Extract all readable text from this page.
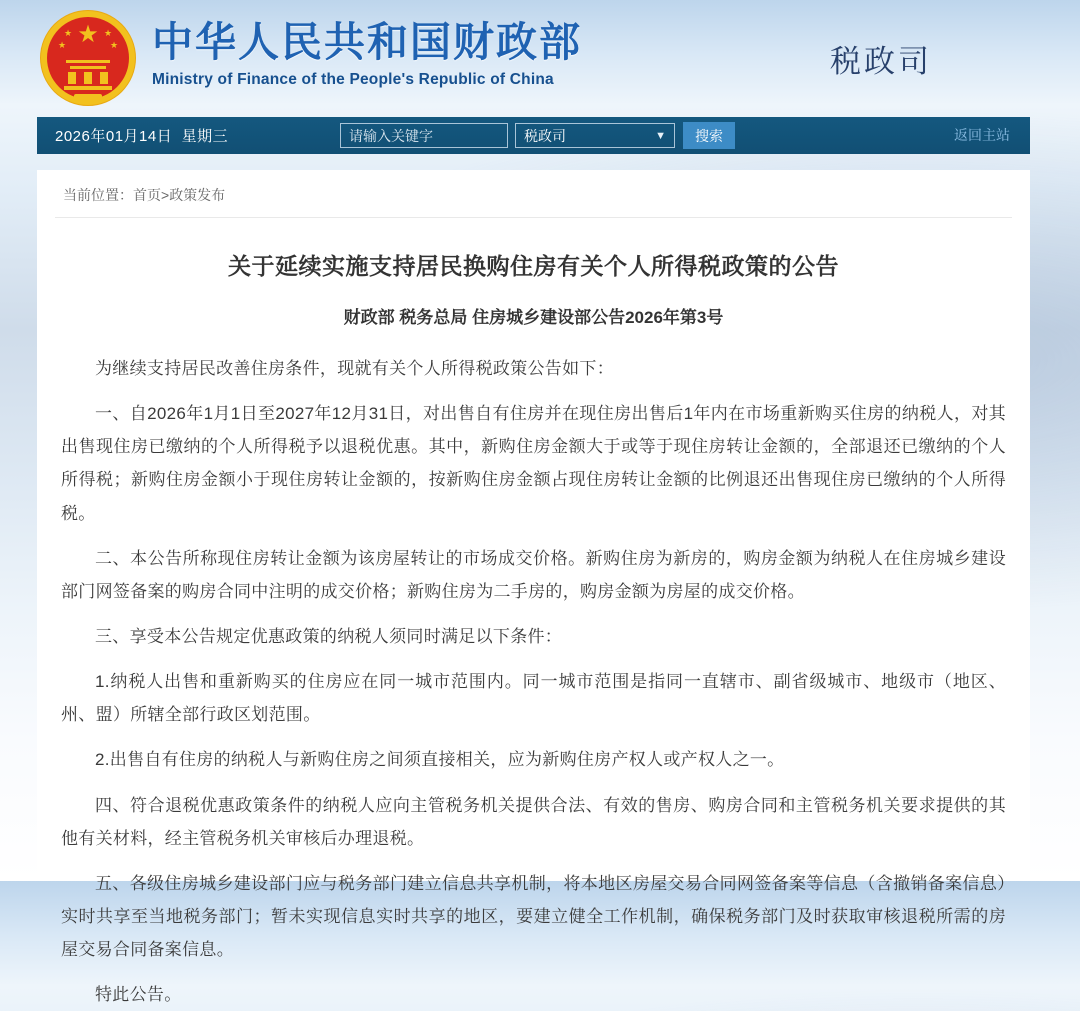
★
★	★
★	★ 中华人民共和国财政部
Ministry of Finance of the People's Republic of China
税政司
2026年01月14日  星期三
请输入关键字	税政司	▼	搜索	返回主站
当前位置：首页>政策发布
关于延续实施支持居民换购住房有关个人所得税政策的公告
财政部 税务总局 住房城乡建设部公告2026年第3号

为继续支持居民改善住房条件，现就有关个人所得税政策公告如下：

一、自2026年1月1日至2027年12月31日，对出售自有住房并在现住房出售后1年内在市场重新购买住房的纳税人，对其出售现住房已缴纳的个人所得税予以退税优惠。其中，新购住房金额大于或等于现住房转让金额的，全部退还已缴纳的个人所得税；新购住房金额小于现住房转让金额的，按新购住房金额占现住房转让金额的比例退还出售现住房已缴纳的个人所得税。

二、本公告所称现住房转让金额为该房屋转让的市场成交价格。新购住房为新房的，购房金额为纳税人在住房城乡建设部门网签备案的购房合同中注明的成交价格；新购住房为二手房的，购房金额为房屋的成交价格。

三、享受本公告规定优惠政策的纳税人须同时满足以下条件：

1.纳税人出售和重新购买的住房应在同一城市范围内。同一城市范围是指同一直辖市、副省级城市、地级市（地区、州、盟）所辖全部行政区划范围。

2.出售自有住房的纳税人与新购住房之间须直接相关，应为新购住房产权人或产权人之一。

四、符合退税优惠政策条件的纳税人应向主管税务机关提供合法、有效的售房、购房合同和主管税务机关要求提供的其他有关材料，经主管税务机关审核后办理退税。

五、各级住房城乡建设部门应与税务部门建立信息共享机制，将本地区房屋交易合同网签备案等信息（含撤销备案信息）实时共享至当地税务部门；暂未实现信息实时共享的地区，要建立健全工作机制，确保税务部门及时获取审核退税所需的房屋交易合同备案信息。

特此公告。
